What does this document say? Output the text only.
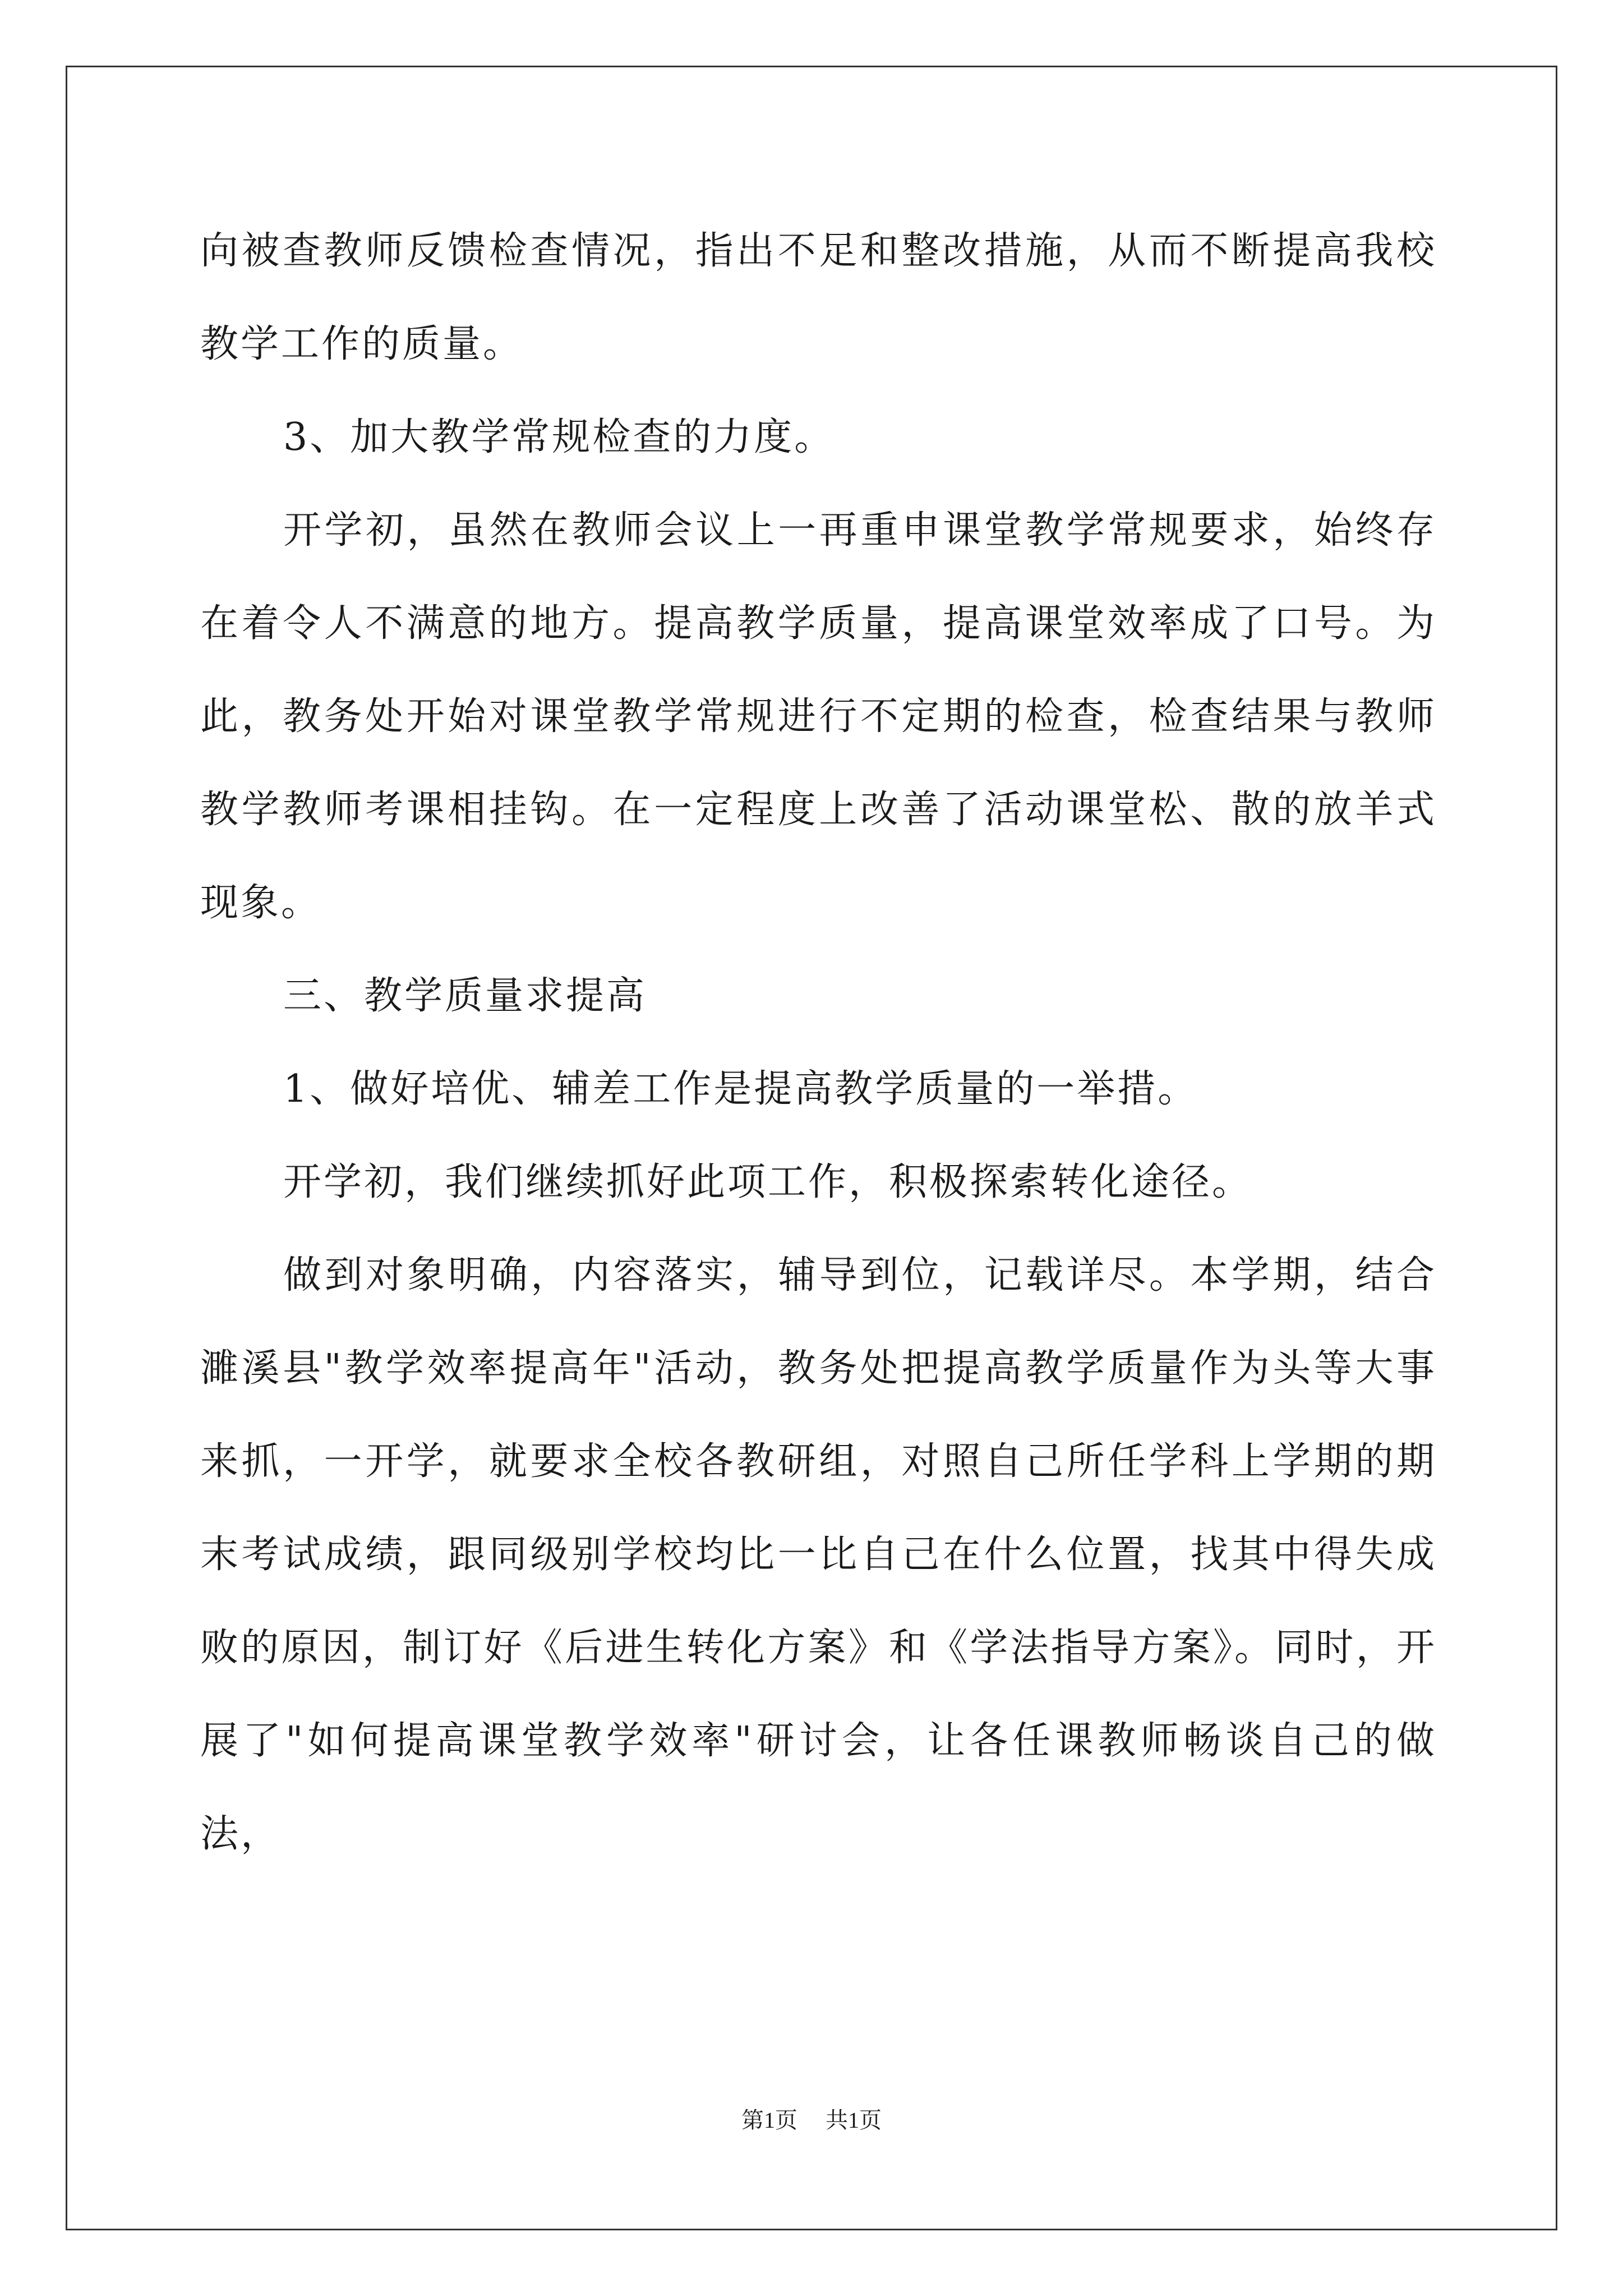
向被查教师反馈检查情况，指出不足和整改措施，从而不断提高我校教学工作的质量。

3、加大教学常规检查的力度。

开学初，虽然在教师会议上一再重申课堂教学常规要求，始终存在着令人不满意的地方。提高教学质量，提高课堂效率成了口号。为此，教务处开始对课堂教学常规进行不定期的检查，检查结果与教师教学教师考课相挂钩。在一定程度上改善了活动课堂松、散的放羊式现象。

三、教学质量求提高

1、做好培优、辅差工作是提高教学质量的一举措。

开学初，我们继续抓好此项工作，积极探索转化途径。

做到对象明确，内容落实，辅导到位，记载详尽。本学期，结合濉溪县"教学效率提高年"活动，教务处把提高教学质量作为头等大事来抓，一开学，就要求全校各教研组，对照自己所任学科上学期的期末考试成绩，跟同级别学校均比一比自己在什么位置，找其中得失成败的原因，制订好《后进生转化方案》和《学法指导方案》。同时，开展了"如何提高课堂教学效率"研讨会，让各任课教师畅谈自己的做法，

第1页 共1页
